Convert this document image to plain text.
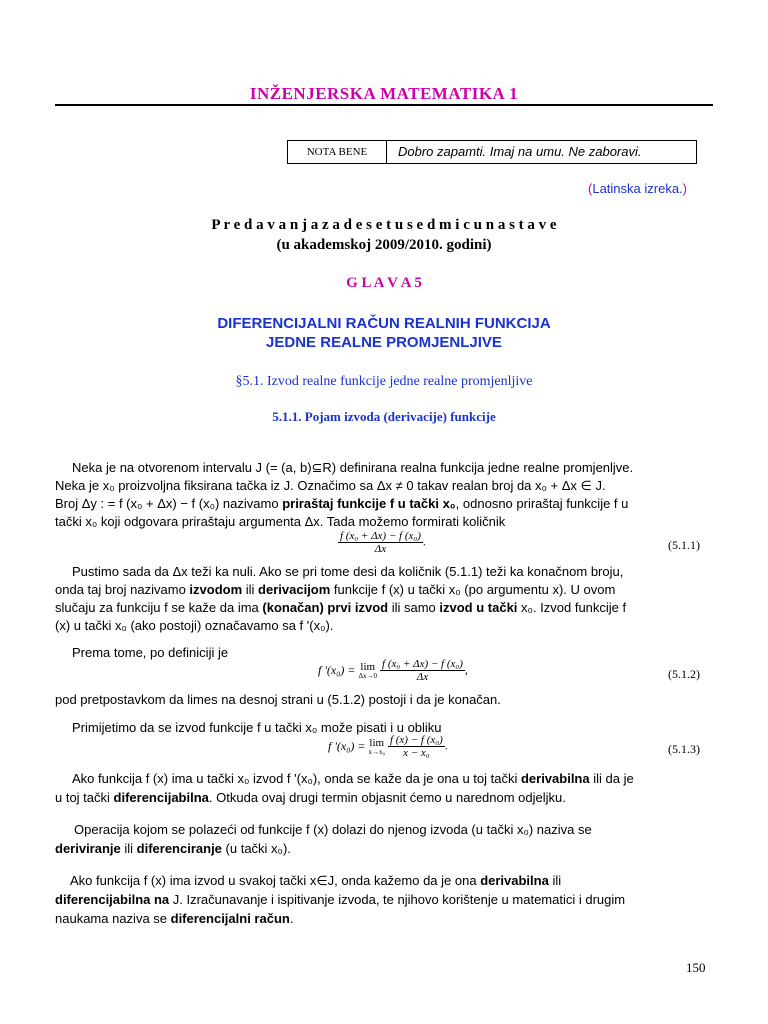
INŽENJERSKA MATEMATIKA 1
NOTA BENE	Dobro zapamti. Imaj na umu. Ne zaboravi.
(Latinska izreka.)
P r e d a v a n j a z a d e s e t u s e d m i c u n a s t a v e
(u akademskoj 2009/2010. godini)
G L A V A 5
DIFERENCIJALNI RAČUN REALNIH FUNKCIJA
JEDNE REALNE PROMJENLJIVE
§5.1. Izvod realne funkcije jedne realne promjenljive
5.1.1. Pojam izvoda (derivacije) funkcije
Neka je na otvorenom intervalu J (= (a, b)⊆R) definirana realna funkcija jedne realne promjenljve.
Neka je x₀ proizvoljna fiksirana tačka iz J. Označimo sa Δx ≠ 0 takav realan broj da x₀ + Δx ∈ J.
Broj Δy : = f (x₀ + Δx) − f (x₀) nazivamo priraštaj funkcije f u tački x₀, odnosno priraštaj funkcije f u
tački x₀ koji odgovara priraštaju argumenta Δx. Tada možemo formirati količnik
$\frac{\text{f (x₀ + Δx) − f (x₀)}}{\Delta x}$ .	(5.1.1)
Pustimo sada da Δx teži ka nuli. Ako se pri tome desi da količnik (5.1.1) teži ka konačnom broju,
onda taj broj nazivamo izvodom ili derivacijom funkcije f (x) u tački x₀ (po argumentu x). U ovom
slučaju za funkciju f se kaže da ima (konačan) prvi izvod ili samo izvod u tački x₀. Izvod funkcije f
(x) u tački x₀ (ako postoji) označavamo sa f '(x₀).
Prema tome, po definiciji je
f '(x₀) = lim
Δx→0
$\frac{\text{f (x₀ + Δx) − f (x₀)}}{\Delta x}$ ,	(5.1.2)
pod pretpostavkom da limes na desnoj strani u (5.1.2) postoji i da je konačan.
Primijetimo da se izvod funkcije f u tački x₀ može pisati i u obliku
f '(x₀) = lim
x→x₀
$\frac{\text{f (x) − f (x₀)}}{\text{x − x₀}}$ .	(5.1.3)
Ako funkcija f (x) ima u tački x₀ izvod f '(x₀), onda se kaže da je ona u toj tački derivabilna ili da je
u toj tački diferencijabilna. Otkuda ovaj drugi termin objasnit ćemo u narednom odjeljku.
Operacija kojom se polazeći od funkcije f (x) dolazi do njenog izvoda (u tački x₀) naziva se
deriviranje ili diferenciranje (u tački x₀).
Ako funkcija f (x) ima izvod u svakoj tački x∈J, onda kažemo da je ona derivabilna ili
diferencijabilna na J. Izračunavanje i ispitivanje izvoda, te njihovo korištenje u matematici i drugim
naukama naziva se diferencijalni račun.
150
